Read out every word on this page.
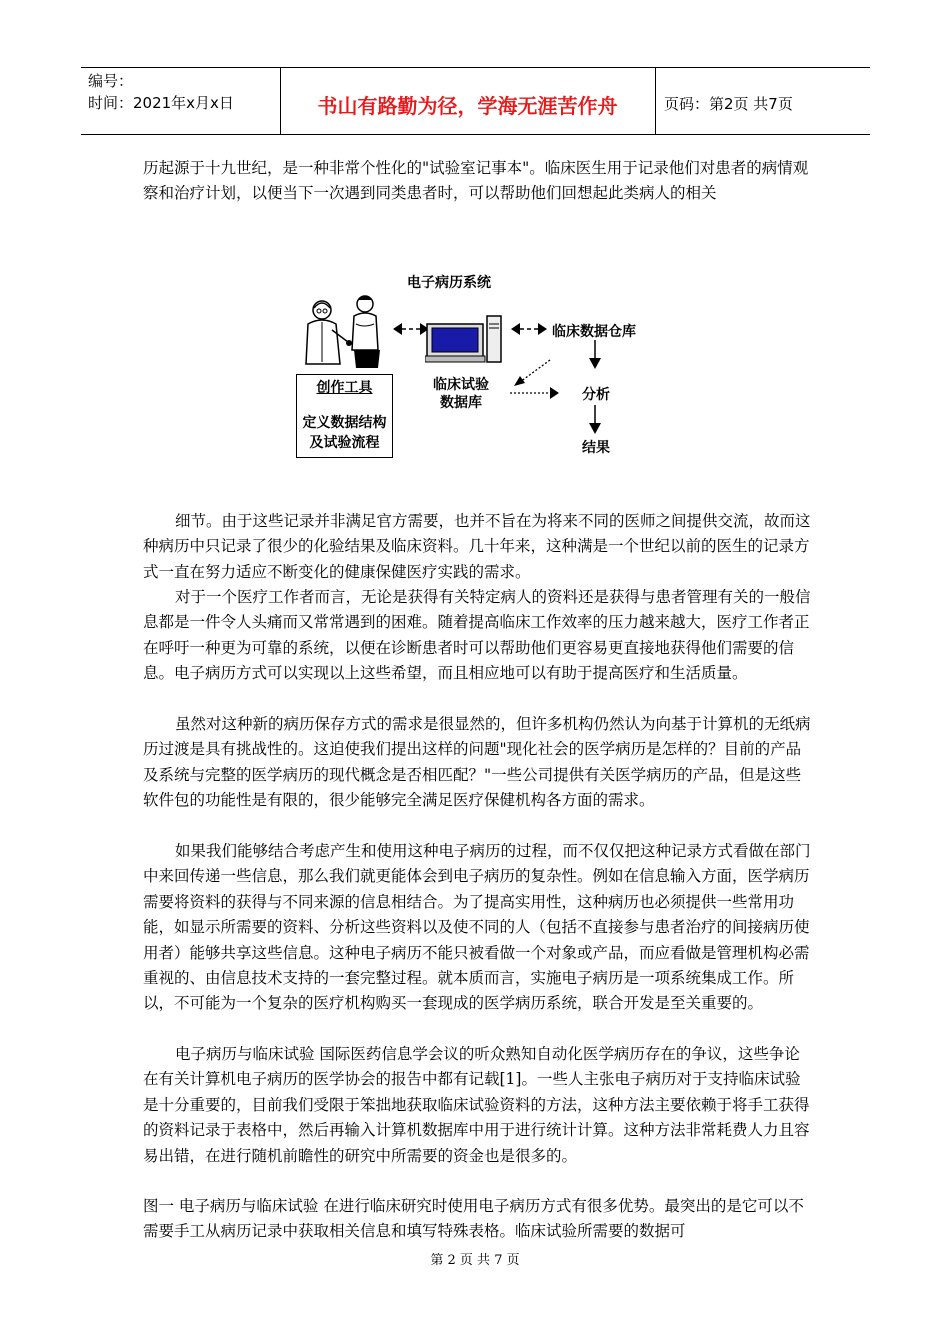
编号：
时间：2021年x月x日	书山有路勤为径，学海无涯苦作舟	页码：第2页 共7页

历起源于十九世纪，是一种非常个性化的"试验室记事本"。临床医生用于记录他们对患者的病情观察和治疗计划，以便当下一次遇到同类患者时，可以帮助他们回想起此类病人的相关

电子病历系统
临床数据仓库
分析
结果
临床试验
数据库
创作工具
定义数据结构
及试验流程

细节。由于这些记录并非满足官方需要，也并不旨在为将来不同的医师之间提供交流，故而这种病历中只记录了很少的化验结果及临床资料。几十年来，这种满是一个世纪以前的医生的记录方式一直在努力适应不断变化的健康保健医疗实践的需求。

对于一个医疗工作者而言，无论是获得有关特定病人的资料还是获得与患者管理有关的一般信息都是一件令人头痛而又常常遇到的困难。随着提高临床工作效率的压力越来越大，医疗工作者正在呼吁一种更为可靠的系统，以便在诊断患者时可以帮助他们更容易更直接地获得他们需要的信息。电子病历方式可以实现以上这些希望，而且相应地可以有助于提高医疗和生活质量。

虽然对这种新的病历保存方式的需求是很显然的，但许多机构仍然认为向基于计算机的无纸病历过渡是具有挑战性的。这迫使我们提出这样的问题"现化社会的医学病历是怎样的？目前的产品及系统与完整的医学病历的现代概念是否相匹配？"一些公司提供有关医学病历的产品，但是这些软件包的功能性是有限的，很少能够完全满足医疗保健机构各方面的需求。

如果我们能够结合考虑产生和使用这种电子病历的过程，而不仅仅把这种记录方式看做在部门中来回传递一些信息，那么我们就更能体会到电子病历的复杂性。例如在信息输入方面，医学病历需要将资料的获得与不同来源的信息相结合。为了提高实用性，这种病历也必须提供一些常用功能，如显示所需要的资料、分析这些资料以及使不同的人（包括不直接参与患者治疗的间接病历使用者）能够共享这些信息。这种电子病历不能只被看做一个对象或产品，而应看做是管理机构必需重视的、由信息技术支持的一套完整过程。就本质而言，实施电子病历是一项系统集成工作。所以，不可能为一个复杂的医疗机构购买一套现成的医学病历系统，联合开发是至关重要的。

电子病历与临床试验 国际医药信息学会议的听众熟知自动化医学病历存在的争议，这些争论在有关计算机电子病历的医学协会的报告中都有记载[1]。一些人主张电子病历对于支持临床试验是十分重要的，目前我们受限于笨拙地获取临床试验资料的方法，这种方法主要依赖于将手工获得的资料记录于表格中，然后再输入计算机数据库中用于进行统计计算。这种方法非常耗费人力且容易出错，在进行随机前瞻性的研究中所需要的资金也是很多的。

图一 电子病历与临床试验 在进行临床研究时使用电子病历方式有很多优势。最突出的是它可以不需要手工从病历记录中获取相关信息和填写特殊表格。临床试验所需要的数据可

第 2 页 共 7 页
